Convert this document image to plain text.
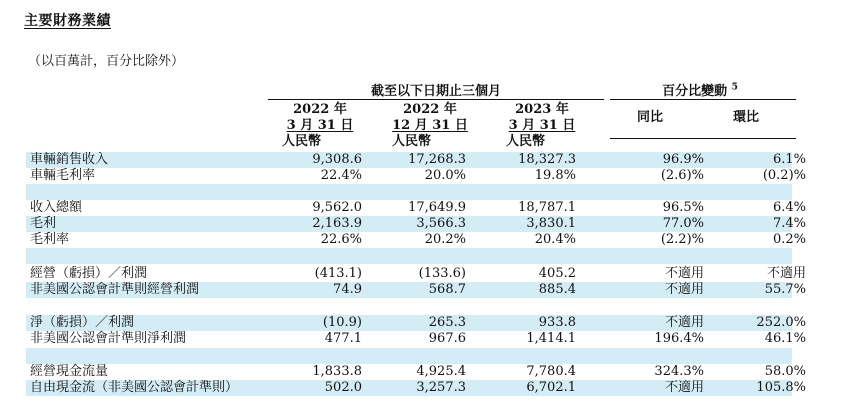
主要財務業績
（以百萬計，百分比除外）
截至以下日期止三個月	百分比變動 $^5$
2022 年
3 月 31 日
人民幣
2022 年
12 月 31 日
人民幣
2023 年
3 月 31 日
人民幣
同比	環比
車輛銷售收入	9,308.6	17,268.3	18,327.3	96.9%	6.1%
車輛毛利率	22.4%	20.0%	19.8%	(2.6)%	(0.2)%
收入總額	9,562.0	17,649.9	18,787.1	96.5%	6.4%
毛利	2,163.9	3,566.3	3,830.1	77.0%	7.4%
毛利率	22.6%	20.2%	20.4%	(2.2)%	0.2%
經營（虧損）／利潤	(413.1)	(133.6)	405.2	不適用	不適用
非美國公認會計準則經營利潤	74.9	568.7	885.4	不適用	55.7%
淨（虧損）／利潤	(10.9)	265.3	933.8	不適用	252.0%
非美國公認會計準則淨利潤	477.1	967.6	1,414.1	196.4%	46.1%
經營現金流量	1,833.8	4,925.4	7,780.4	324.3%	58.0%
自由現金流（非美國公認會計準則）	502.0	3,257.3	6,702.1	不適用	105.8%
